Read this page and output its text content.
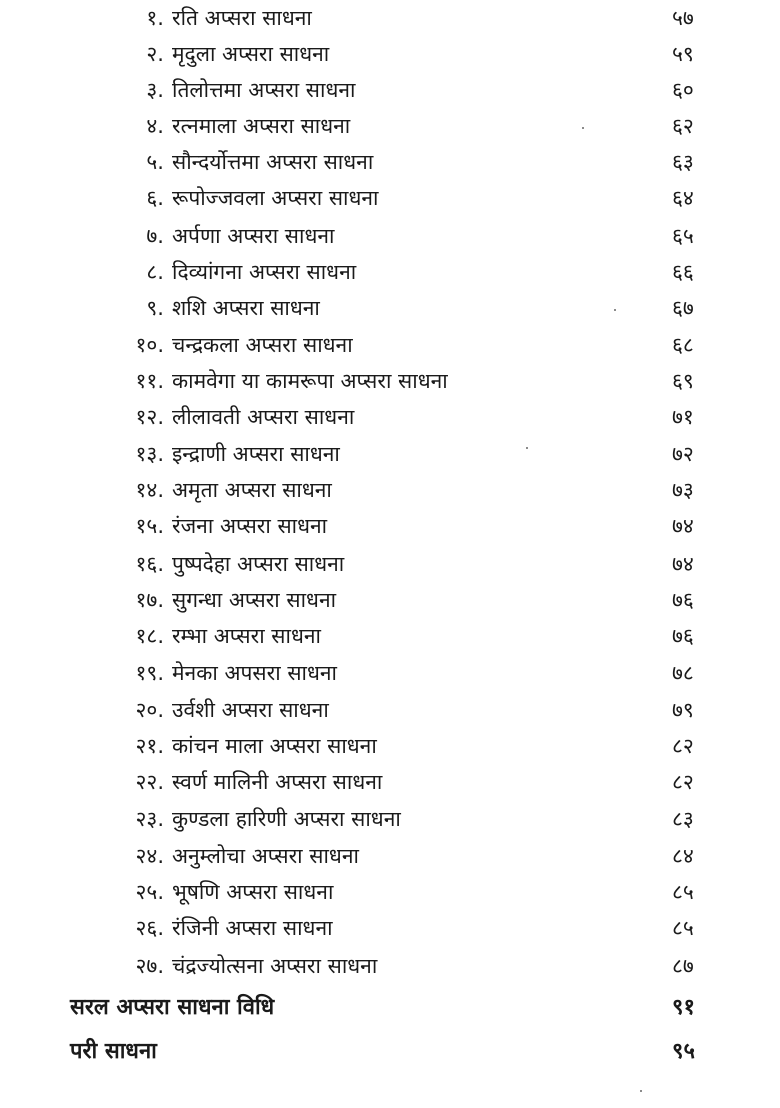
१. रति अप्सरा साधना	५७
२. मृदुला अप्सरा साधना	५९
३. तिलोत्तमा अप्सरा साधना	६०
४. रत्नमाला अप्सरा साधना	६२
५. सौन्दर्योत्तमा अप्सरा साधना	६३
६. रूपोज्जवला अप्सरा साधना	६४
७. अर्पणा अप्सरा साधना	६५
८. दिव्यांगना अप्सरा साधना	६६
९. शशि अप्सरा साधना	६७
१०. चन्द्रकला अप्सरा साधना	६८
११. कामवेगा या कामरूपा अप्सरा साधना	६९
१२. लीलावती अप्सरा साधना	७१
१३. इन्द्राणी अप्सरा साधना	७२
१४. अमृता अप्सरा साधना	७३
१५. रंजना अप्सरा साधना	७४
१६. पुष्पदेहा अप्सरा साधना	७४
१७. सुगन्धा अप्सरा साधना	७६
१८. रम्भा अप्सरा साधना	७६
१९. मेनका अपसरा साधना	७८
२०. उर्वशी अप्सरा साधना	७९
२१. कांचन माला अप्सरा साधना	८२
२२. स्वर्ण मालिनी अप्सरा साधना	८२
२३. कुण्डला हारिणी अप्सरा साधना	८३
२४. अनुम्लोचा अप्सरा साधना	८४
२५. भूषणि अप्सरा साधना	८५
२६. रंजिनी अप्सरा साधना	८५
२७. चंद्रज्योत्सना अप्सरा साधना	८७
सरल अप्सरा साधना विधि	९१
परी साधना	९५
